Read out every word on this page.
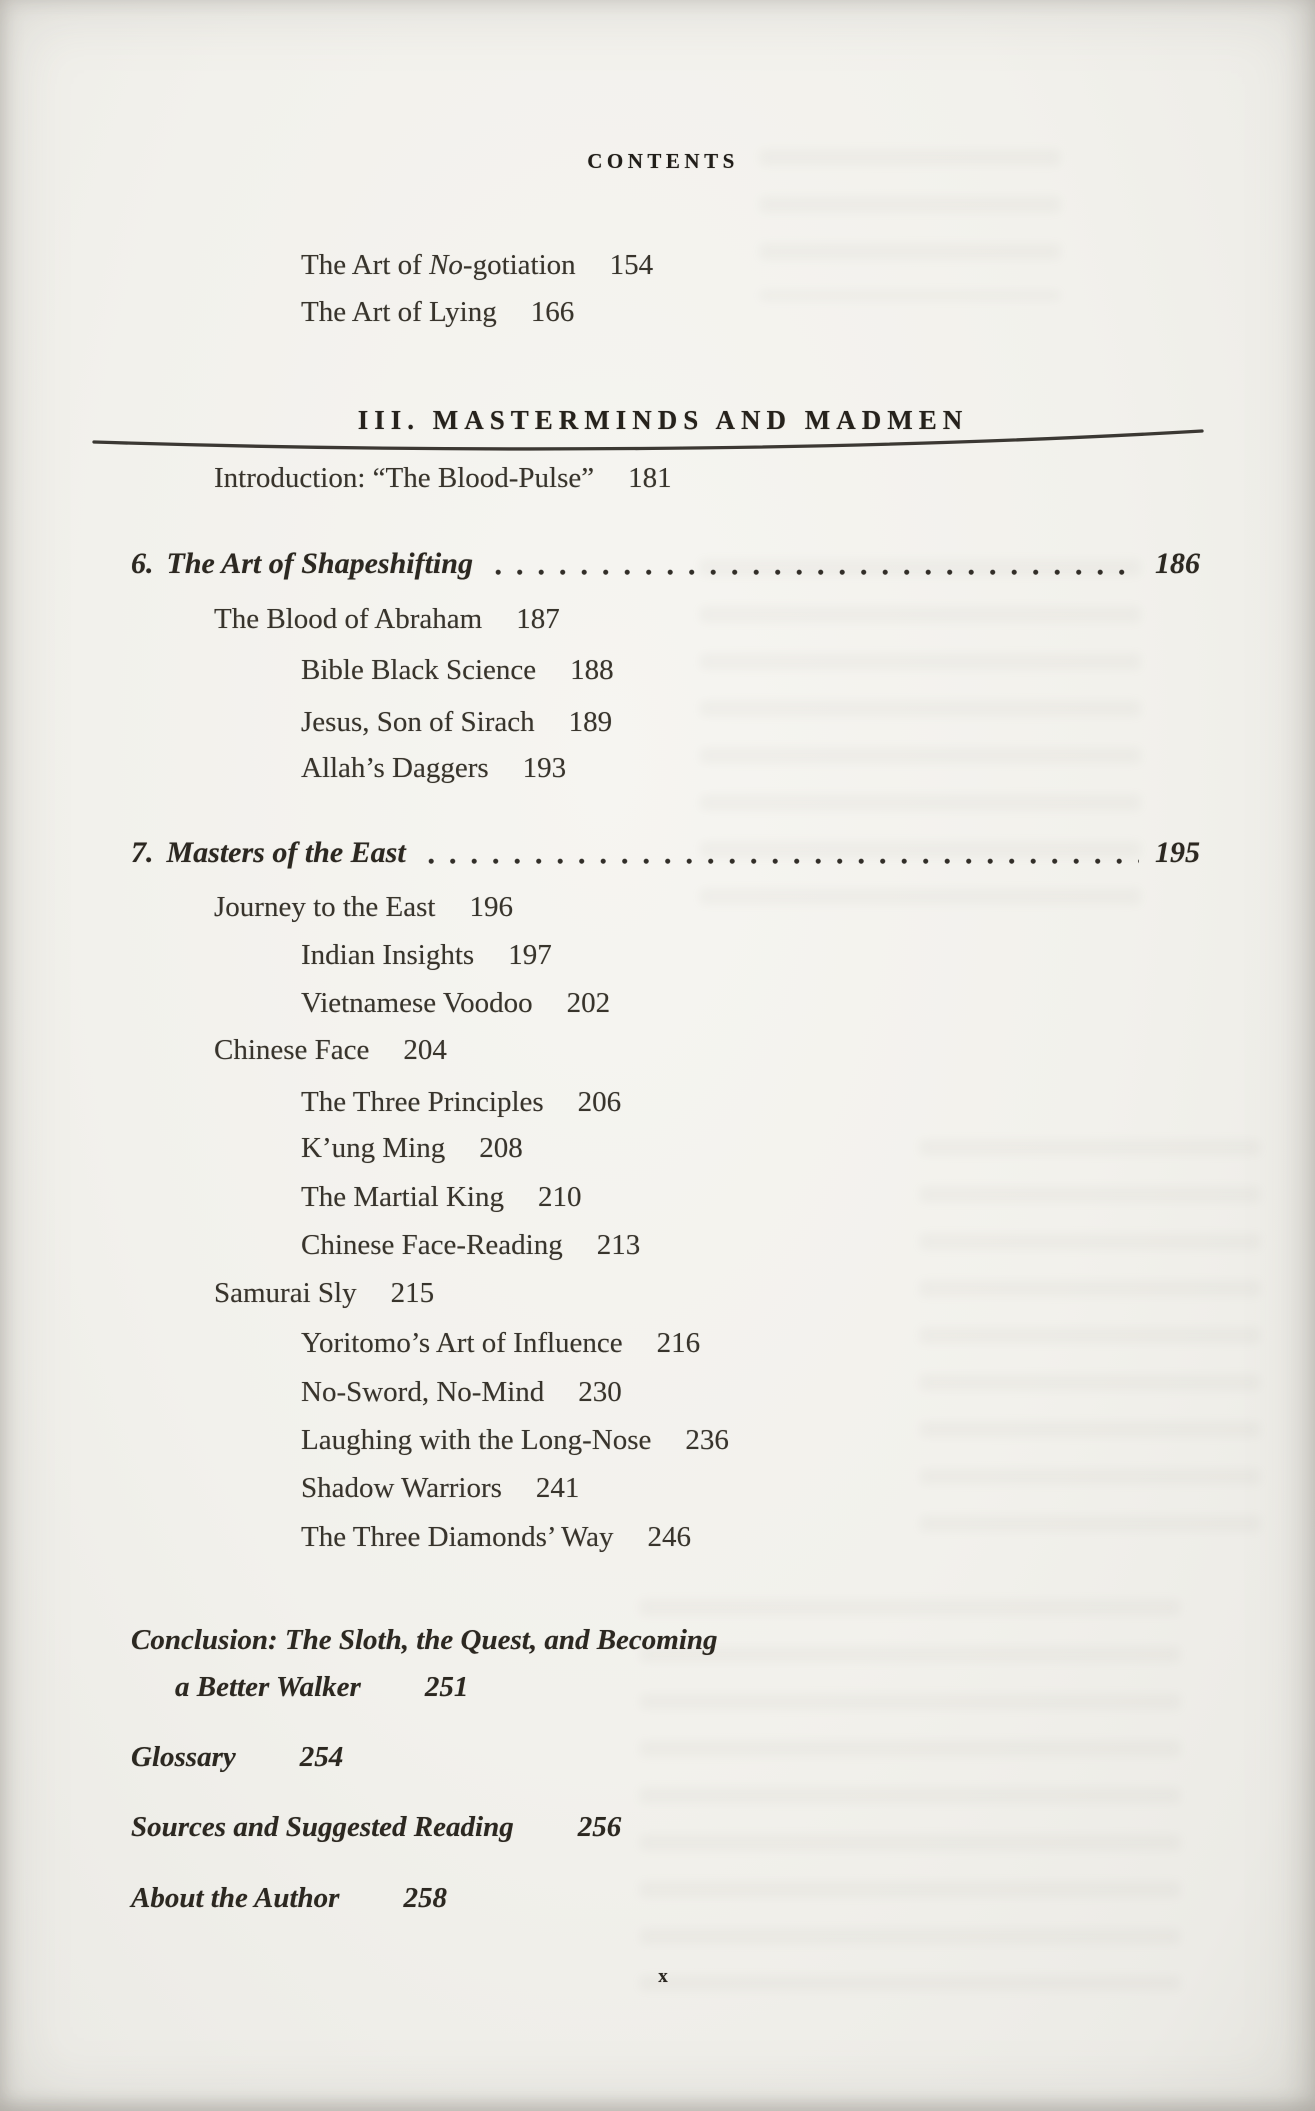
CONTENTS
The Art of No-gotiation 154
The Art of Lying 166
III. MASTERMINDS AND MADMEN
Introduction: “The Blood-Pulse” 181
6. The Art of Shapeshifting	186
The Blood of Abraham 187
Bible Black Science 188
Jesus, Son of Sirach 189
Allah’s Daggers 193
7. Masters of the East	195
Journey to the East 196
Indian Insights 197
Vietnamese Voodoo 202
Chinese Face 204
The Three Principles 206
K’ung Ming 208
The Martial King 210
Chinese Face-Reading 213
Samurai Sly 215
Yoritomo’s Art of Influence 216
No-Sword, No-Mind 230
Laughing with the Long-Nose 236
Shadow Warriors 241
The Three Diamonds’ Way 246
Conclusion: The Sloth, the Quest, and Becoming
a Better Walker 251
Glossary 254
Sources and Suggested Reading 256
About the Author 258
x
